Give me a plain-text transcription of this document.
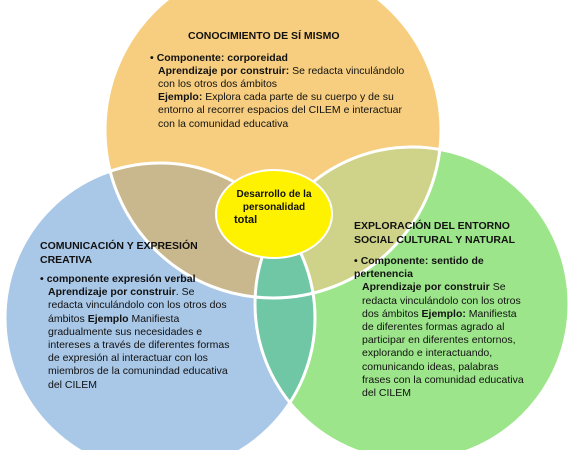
CONOCIMIENTO DE SÍ MISMO
• Componente: corporeidad
Aprendizaje por construir: Se redacta vinculándolo con los otros dos ámbitos
Ejemplo: Explora cada parte de su cuerpo y de su entorno al recorrer espacios del CILEM e interactuar con la comunidad educativa
Desarrollo de la
personalidad
total
COMUNICACIÓN Y EXPRESIÓN CREATIVA
• componente expresión verbal
Aprendizaje por construir. Se redacta vinculándolo con los otros dos ámbitos Ejemplo Manifiesta gradualmente sus necesidades e intereses a través de diferentes formas de expresión al interactuar con los miembros de la comunindad educativa del CILEM
EXPLORACIÓN DEL ENTORNO SOCIAL CULTURAL Y NATURAL
• Componente: sentido de pertenencia
Aprendizaje por construir Se redacta vinculándolo con los otros dos ámbitos Ejemplo: Manifiesta de diferentes formas agrado al participar en diferentes entornos, explorando e interactuando, comunicando ideas, palabras frases con la comunidad educativa del CILEM
